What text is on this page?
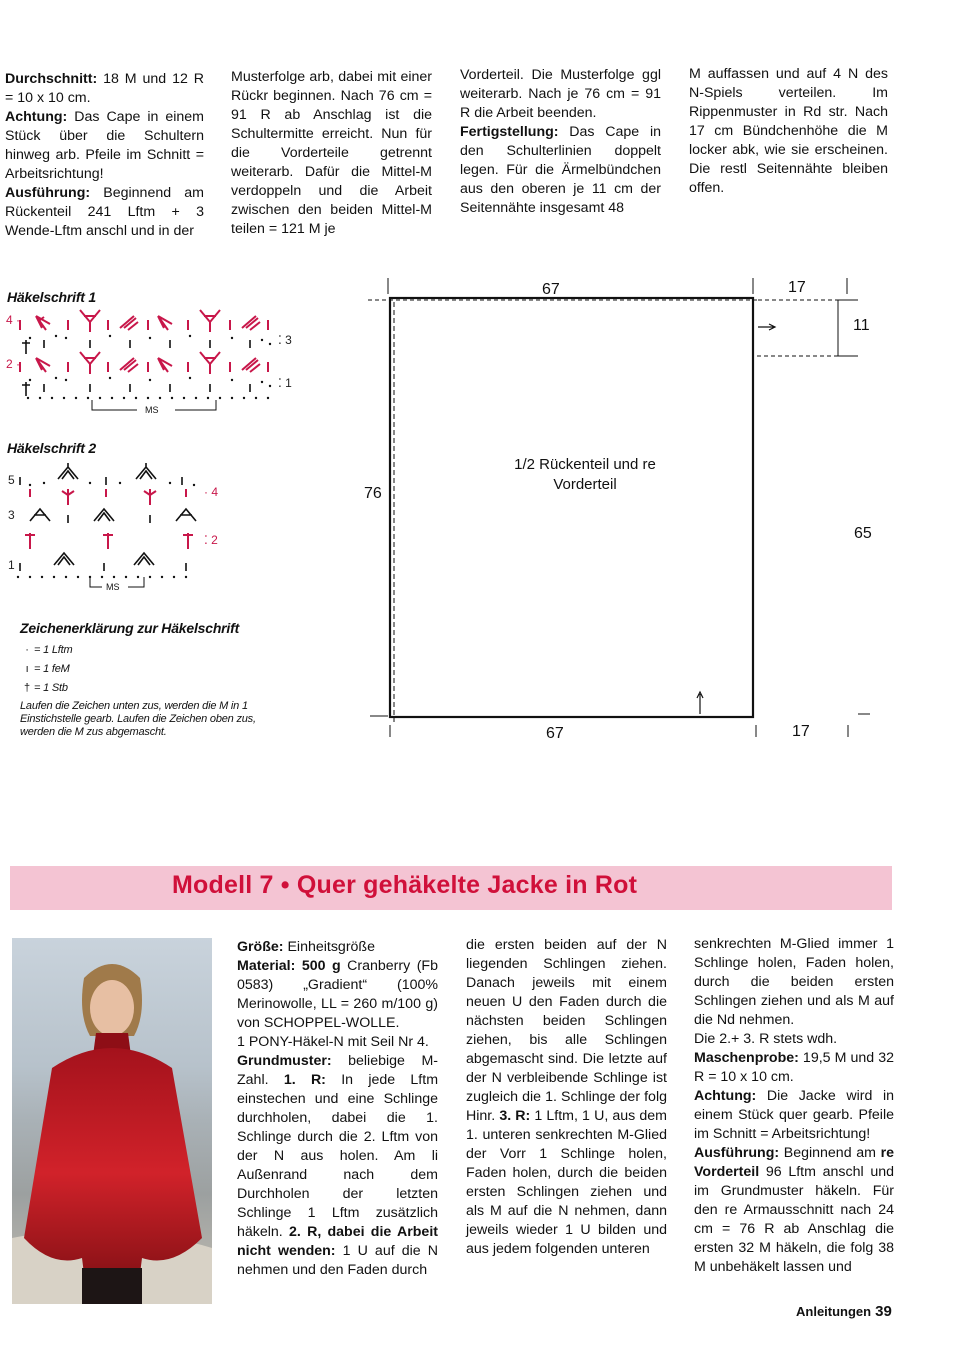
Durchschnitt: 18 M und 12 R = 10 x 10 cm.
Achtung: Das Cape in einem Stück über die Schultern hinweg arb. Pfeile im Schnitt = Arbeitsrichtung!
Ausführung: Beginnend am Rückenteil 241 Lftm + 3 Wende-Lftm anschl und in der

Musterfolge arb, dabei mit einer Rückr beginnen. Nach 76 cm = 91 R ab Anschlag ist die Schultermitte erreicht. Nun für die Vorderteile getrennt weiterarb. Dafür die Mittel-M verdoppeln und die Arbeit zwischen den beiden Mittel-M teilen = 121 M je

Vorderteil. Die Musterfolge ggl weiterarb. Nach je 76 cm = 91 R die Arbeit beenden.
Fertigstellung: Das Cape in den Schulterlinien doppelt legen. Für die Ärmelbündchen aus den oberen je 11 cm der Seitennähte insgesamt 48

M auffassen und auf 4 N des N-Spiels verteilen. Im Rippenmuster in Rd str. Nach 17 cm Bündchenhöhe die M locker abk, wie sie erscheinen. Die restl Seitennähte bleiben offen.

Häkelschrift 1
4 ·
2 ·
⁚ 3
⁚ 1
MS
Häkelschrift 2
5 ·
· 4
3
⁚ 2
1 ·
MS
Zeichenerklärung zur Häkelschrift
· = 1 Lftm
ı = 1 feM
† = 1 Stb
Laufen die Zeichen unten zus, werden die M in 1 Einstichstelle gearb. Laufen die Zeichen oben zus, werden die M zus abgemascht.
67	17
11
76
65
67	17
1/2 Rückenteil und re
Vorderteil
Modell 7 • Quer gehäkelte Jacke in Rot
Größe: Einheitsgröße
Material: 500 g Cranberry (Fb 0583) „Gradient“ (100% Merinowolle, LL = 260 m/100 g) von SCHOPPEL-WOLLE.
1 PONY-Häkel-N mit Seil Nr 4.
Grundmuster: beliebige M-Zahl. 1. R: In jede Lftm einstechen und eine Schlinge durchholen, dabei die 1. Schlinge durch die 2. Lftm von der N aus holen. Am li Außenrand nach dem Durchholen der letzten Schlinge 1 Lftm zusätzlich häkeln. 2. R, dabei die Arbeit nicht wenden: 1 U auf die N nehmen und den Faden durch

die ersten beiden auf der N liegenden Schlingen ziehen. Danach jeweils mit einem neuen U den Faden durch die nächsten beiden Schlingen ziehen, bis alle Schlingen abgemascht sind. Die letzte auf der N verbleibende Schlinge ist zugleich die 1. Schlinge der folg Hinr. 3. R: 1 Lftm, 1 U, aus dem 1. unteren senkrechten M-Glied der Vorr 1 Schlinge holen, Faden holen, durch die beiden ersten Schlingen ziehen und als M auf die N nehmen, dann jeweils wieder 1 U bilden und aus jedem folgenden unteren

senkrechten M-Glied immer 1 Schlinge holen, Faden holen, durch die beiden ersten Schlingen ziehen und als M auf die Nd nehmen.
Die 2.+ 3. R stets wdh.
Maschenprobe: 19,5 M und 32 R = 10 x 10 cm.
Achtung: Die Jacke wird in einem Stück quer gearb. Pfeile im Schnitt = Arbeitsrichtung!
Ausführung: Beginnend am re Vorderteil 96 Lftm anschl und im Grundmuster häkeln. Für den re Armausschnitt nach 24 cm = 76 R ab Anschlag die ersten 32 M häkeln, die folg 38 M unbehäkelt lassen und

Anleitungen 39
